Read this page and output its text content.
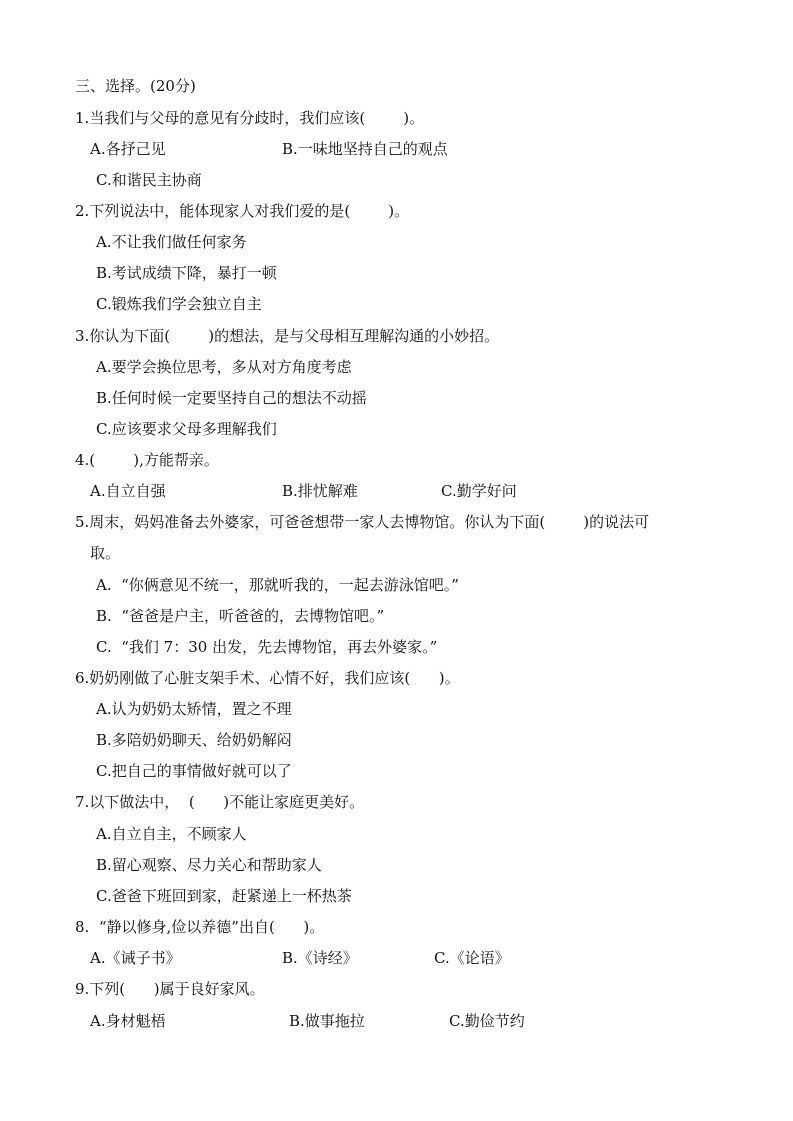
三、选择。(20分)
1.当我们与父母的意见有分歧时，我们应该(        )。
A.各抒己见	B.一味地坚持自己的观点
C.和谐民主协商
2.下列说法中，能体现家人对我们爱的是(        )。
A.不让我们做任何家务
B.考试成绩下降，暴打一顿
C.锻炼我们学会独立自主
3.你认为下面(        )的想法，是与父母相互理解沟通的小妙招。
A.要学会换位思考，多从对方角度考虑
B.任何时候一定要坚持自己的想法不动摇
C.应该要求父母多理解我们
4.(        ),方能帮亲。
A.自立自强	B.排忧解难	C.勤学好问
5.周末，妈妈准备去外婆家，可爸爸想带一家人去博物馆。你认为下面(        )的说法可
取。
A.  “你俩意见不统一，那就听我的，一起去游泳馆吧。”
B.  “爸爸是户主，听爸爸的，去博物馆吧。”
C.  “我们 7：30 出发，先去博物馆，再去外婆家。”
6.奶奶刚做了心脏支架手术、心情不好，我们应该(      )。
A.认为奶奶太矫情，置之不理
B.多陪奶奶聊天、给奶奶解闷
C.把自己的事情做好就可以了
7.以下做法中，  (      )不能让家庭更美好。
A.自立自主，不顾家人
B.留心观察、尽力关心和帮助家人
C.爸爸下班回到家，赶紧递上一杯热茶
8.  “静以修身,俭以养德”出自(      )。
A.《诫子书》	B.《诗经》	C.《论语》
9.下列(      )属于良好家风。
A.身材魁梧	B.做事拖拉	C.勤俭节约
